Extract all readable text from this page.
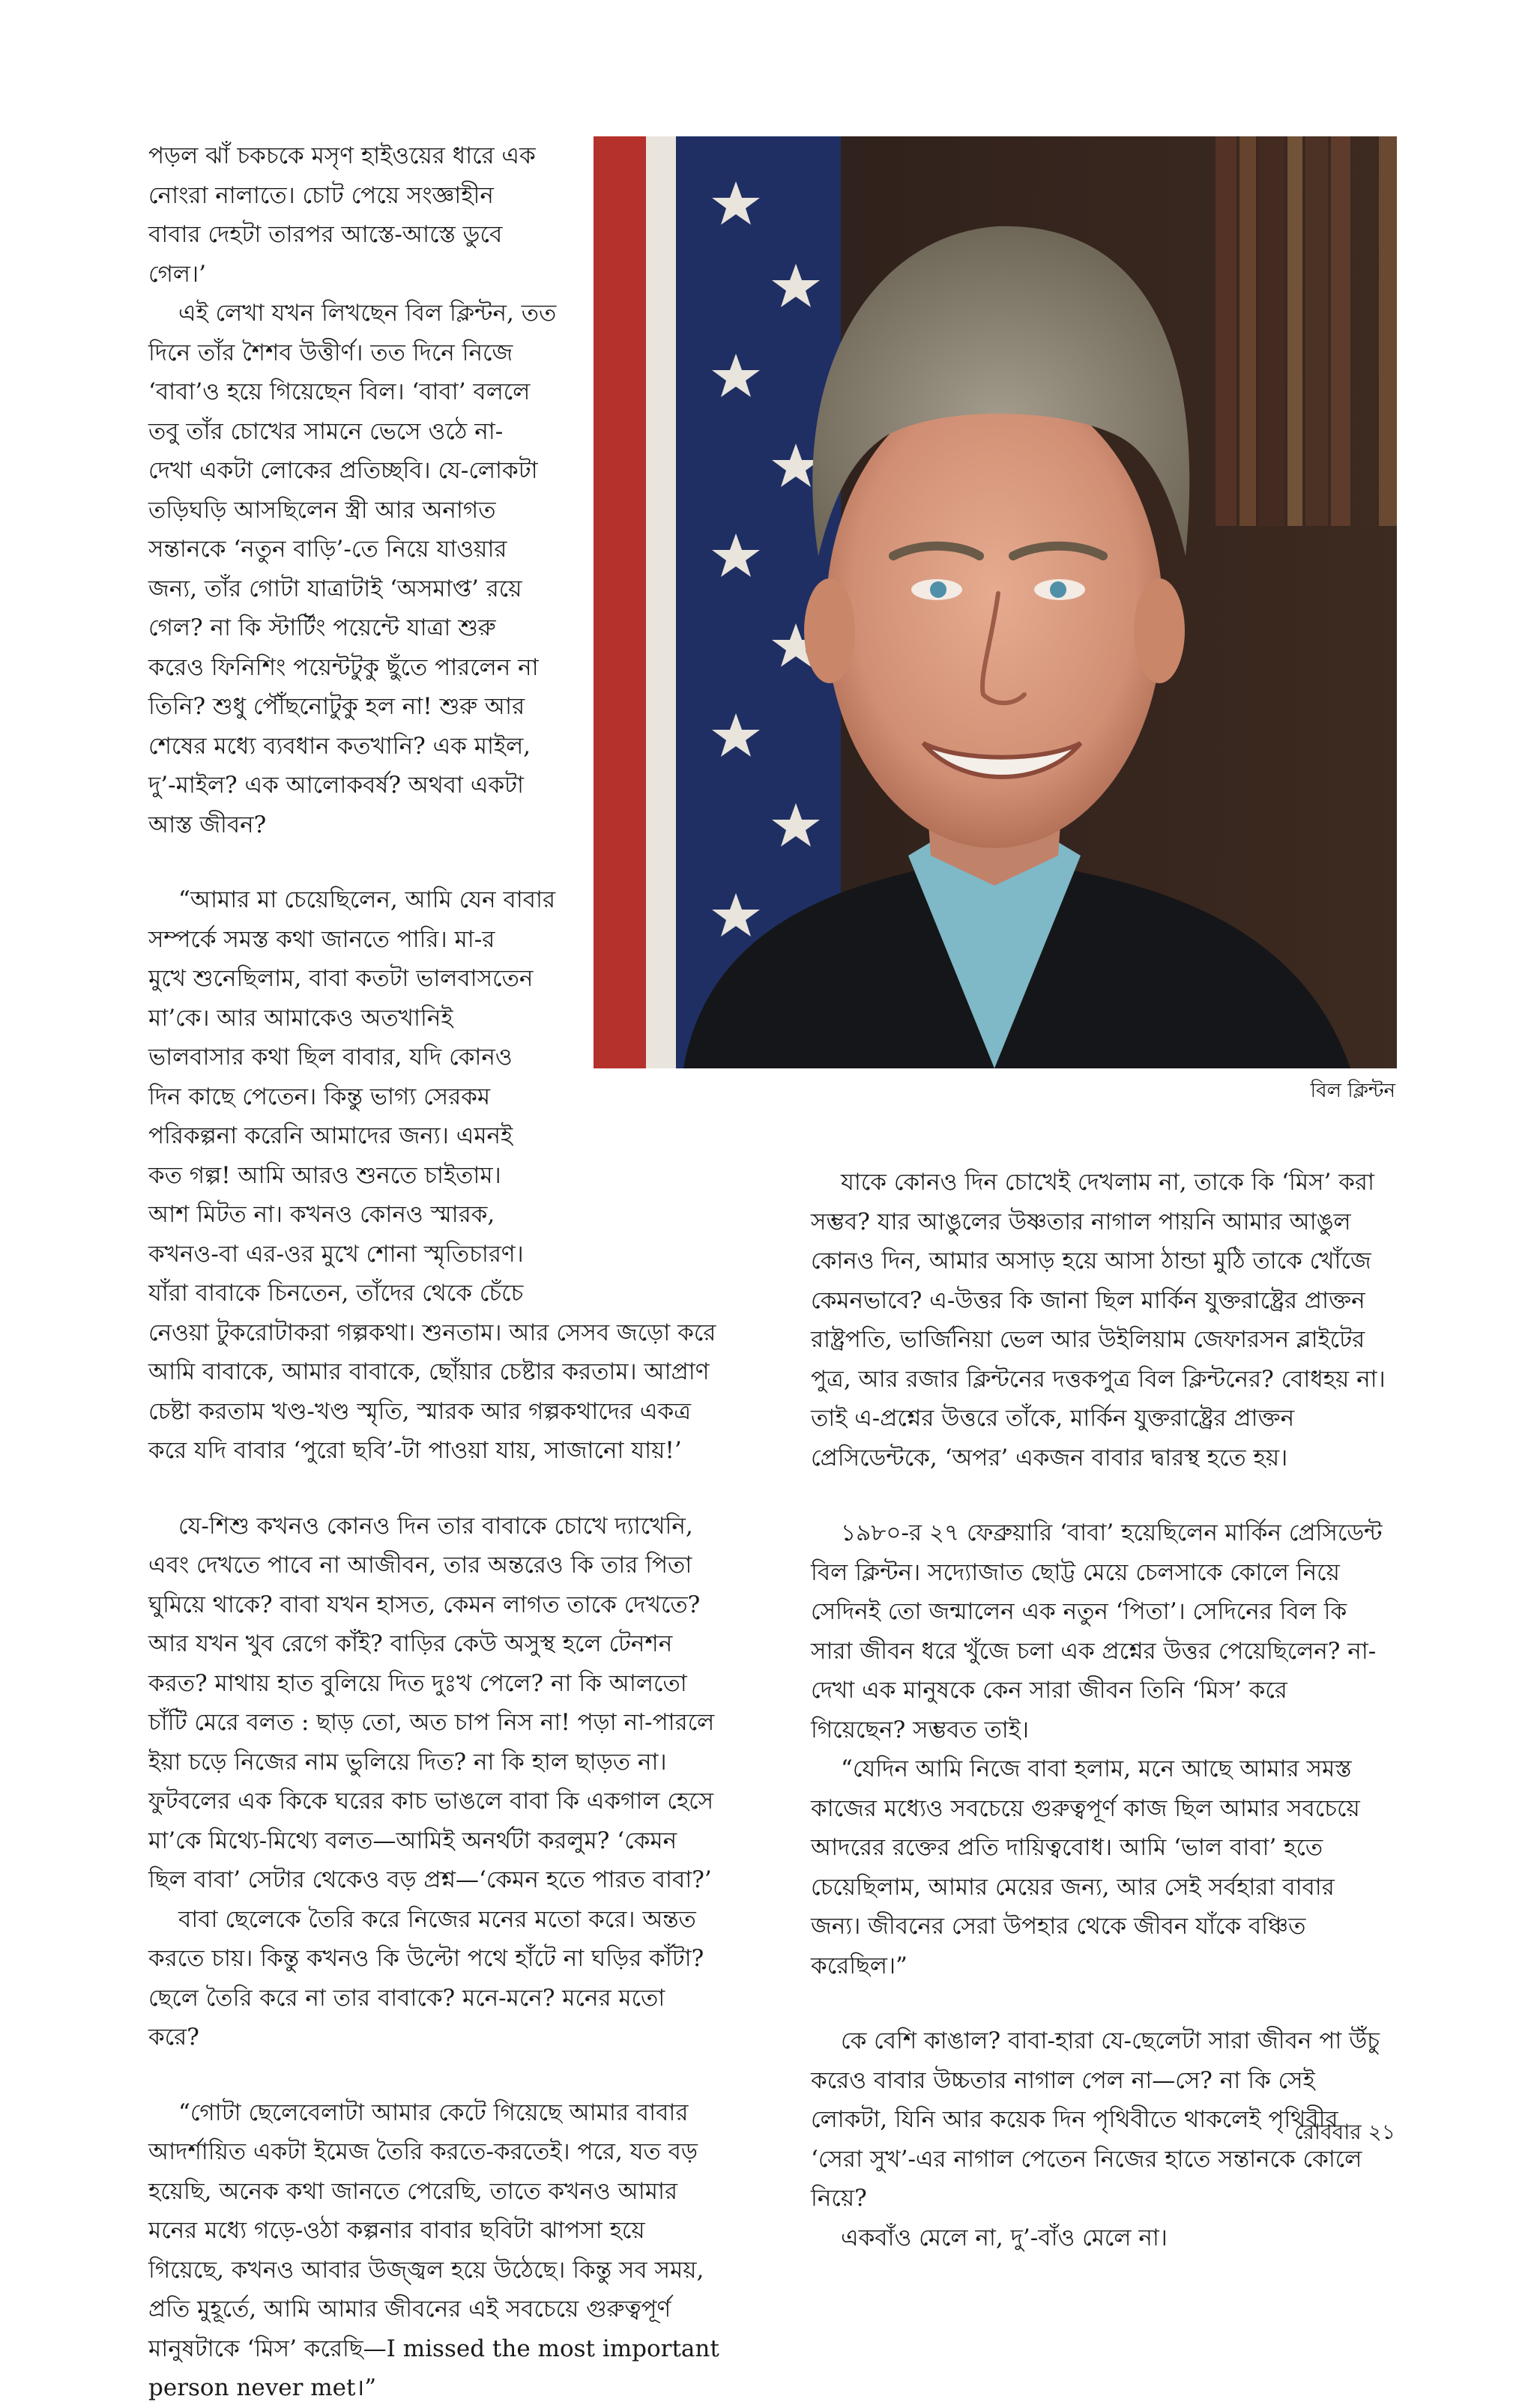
পড়ল ঝাঁ চকচকে মসৃণ হাইওয়ের ধারে এক
নোংরা নালাতে। চোট পেয়ে সংজ্ঞাহীন
বাবার দেহটা তারপর আস্তে-আস্তে ডুবে
গেল।’

এই লেখা যখন লিখছেন বিল ক্লিন্টন, তত
দিনে তাঁর শৈশব উত্তীর্ণ। তত দিনে নিজে
‘বাবা’ও হয়ে গিয়েছেন বিল। ‘বাবা’ বললে
তবু তাঁর চোখের সামনে ভেসে ওঠে না-
দেখা একটা লোকের প্রতিচ্ছবি। যে-লোকটা
তড়িঘড়ি আসছিলেন স্ত্রী আর অনাগত
সন্তানকে ‘নতুন বাড়ি’-তে নিয়ে যাওয়ার
জন্য, তাঁর গোটা যাত্রাটাই ‘অসমাপ্ত’ রয়ে
গেল? না কি স্টার্টিং পয়েন্টে যাত্রা শুরু
করেও ফিনিশিং পয়েন্টটুকু ছুঁতে পারলেন না
তিনি? শুধু পৌঁছনোটুকু হল না! শুরু আর
শেষের মধ্যে ব্যবধান কতখানি? এক মাইল,
দু’-মাইল? এক আলোকবর্ষ? অথবা একটা
আস্ত জীবন?

“আমার মা চেয়েছিলেন, আমি যেন বাবার
সম্পর্কে সমস্ত কথা জানতে পারি। মা-র
মুখে শুনেছিলাম, বাবা কতটা ভালবাসতেন
মা’কে। আর আমাকেও অতখানিই
ভালবাসার কথা ছিল বাবার, যদি কোনও
দিন কাছে পেতেন। কিন্তু ভাগ্য সেরকম
পরিকল্পনা করেনি আমাদের জন্য। এমনই
কত গল্প! আমি আরও শুনতে চাইতাম।
আশ মিটত না। কখনও কোনও স্মারক,
কখনও-বা এর-ওর মুখে শোনা স্মৃতিচারণ।
যাঁরা বাবাকে চিনতেন, তাঁদের থেকে চেঁচে
নেওয়া টুকরোটাকরা গল্পকথা। শুনতাম। আর সেসব জড়ো করে
আমি বাবাকে, আমার বাবাকে, ছোঁয়ার চেষ্টার করতাম। আপ্রাণ
চেষ্টা করতাম খণ্ড-খণ্ড স্মৃতি, স্মারক আর গল্পকথাদের একত্র
করে যদি বাবার ‘পুরো ছবি’-টা পাওয়া যায়, সাজানো যায়!’

যে-শিশু কখনও কোনও দিন তার বাবাকে চোখে দ্যাখেনি,
এবং দেখতে পাবে না আজীবন, তার অন্তরেও কি তার পিতা
ঘুমিয়ে থাকে? বাবা যখন হাসত, কেমন লাগত তাকে দেখতে?
আর যখন খুব রেগে কাঁই? বাড়ির কেউ অসুস্থ হলে টেনশন
করত? মাথায় হাত বুলিয়ে দিত দুঃখ পেলে? না কি আলতো
চাঁটি মেরে বলত : ছাড় তো, অত চাপ নিস না! পড়া না-পারলে
ইয়া চড়ে নিজের নাম ভুলিয়ে দিত? না কি হাল ছাড়ত না।
ফুটবলের এক কিকে ঘরের কাচ ভাঙলে বাবা কি একগাল হেসে
মা’কে মিথ্যে-মিথ্যে বলত—আমিই অনর্থটা করলুম? ‘কেমন
ছিল বাবা’ সেটার থেকেও বড় প্রশ্ন—‘কেমন হতে পারত বাবা?’

বাবা ছেলেকে তৈরি করে নিজের মনের মতো করে। অন্তত
করতে চায়। কিন্তু কখনও কি উল্টো পথে হাঁটে না ঘড়ির কাঁটা?
ছেলে তৈরি করে না তার বাবাকে? মনে-মনে? মনের মতো
করে?

“গোটা ছেলেবেলাটা আমার কেটে গিয়েছে আমার বাবার
আদর্শায়িত একটা ইমেজ তৈরি করতে-করতেই। পরে, যত বড়
হয়েছি, অনেক কথা জানতে পেরেছি, তাতে কখনও আমার
মনের মধ্যে গড়ে-ওঠা কল্পনার বাবার ছবিটা ঝাপসা হয়ে
গিয়েছে, কখনও আবার উজ্জ্বল হয়ে উঠেছে। কিন্তু সব সময়,
প্রতি মুহূর্তে, আমি আমার জীবনের এই সবচেয়ে গুরুত্বপূর্ণ
মানুষটাকে ‘মিস’ করেছি—I missed the most important
person never met।”

বিল ক্লিন্টন

যাকে কোনও দিন চোখেই দেখলাম না, তাকে কি ‘মিস’ করা
সম্ভব? যার আঙুলের উষ্ণতার নাগাল পায়নি আমার আঙুল
কোনও দিন, আমার অসাড় হয়ে আসা ঠান্ডা মুঠি তাকে খোঁজে
কেমনভাবে? এ-উত্তর কি জানা ছিল মার্কিন যুক্তরাষ্ট্রের প্রাক্তন
রাষ্ট্রপতি, ভার্জিনিয়া ভেল আর উইলিয়াম জেফারসন ব্লাইটের
পুত্র, আর রজার ক্লিন্টনের দত্তকপুত্র বিল ক্লিন্টনের? বোধহয় না।
তাই এ-প্রশ্নের উত্তরে তাঁকে, মার্কিন যুক্তরাষ্ট্রের প্রাক্তন
প্রেসিডেন্টকে, ‘অপর’ একজন বাবার দ্বারস্থ হতে হয়।

১৯৮০-র ২৭ ফেব্রুয়ারি ‘বাবা’ হয়েছিলেন মার্কিন প্রেসিডেন্ট
বিল ক্লিন্টন। সদ্যোজাত ছোট্ট মেয়ে চেলসাকে কোলে নিয়ে
সেদিনই তো জন্মালেন এক নতুন ‘পিতা’। সেদিনের বিল কি
সারা জীবন ধরে খুঁজে চলা এক প্রশ্নের উত্তর পেয়েছিলেন? না-
দেখা এক মানুষকে কেন সারা জীবন তিনি ‘মিস’ করে
গিয়েছেন? সম্ভবত তাই।

“যেদিন আমি নিজে বাবা হলাম, মনে আছে আমার সমস্ত
কাজের মধ্যেও সবচেয়ে গুরুত্বপূর্ণ কাজ ছিল আমার সবচেয়ে
আদরের রক্তের প্রতি দায়িত্ববোধ। আমি ‘ভাল বাবা’ হতে
চেয়েছিলাম, আমার মেয়ের জন্য, আর সেই সর্বহারা বাবার
জন্য। জীবনের সেরা উপহার থেকে জীবন যাঁকে বঞ্চিত
করেছিল।”

কে বেশি কাঙাল? বাবা-হারা যে-ছেলেটা সারা জীবন পা উঁচু
করেও বাবার উচ্চতার নাগাল পেল না—সে? না কি সেই
লোকটা, যিনি আর কয়েক দিন পৃথিবীতে থাকলেই পৃথিবীর
‘সেরা সুখ’-এর নাগাল পেতেন নিজের হাতে সন্তানকে কোলে
নিয়ে?

একবাঁও মেলে না, দু’-বাঁও মেলে না।

রোববার ২১
